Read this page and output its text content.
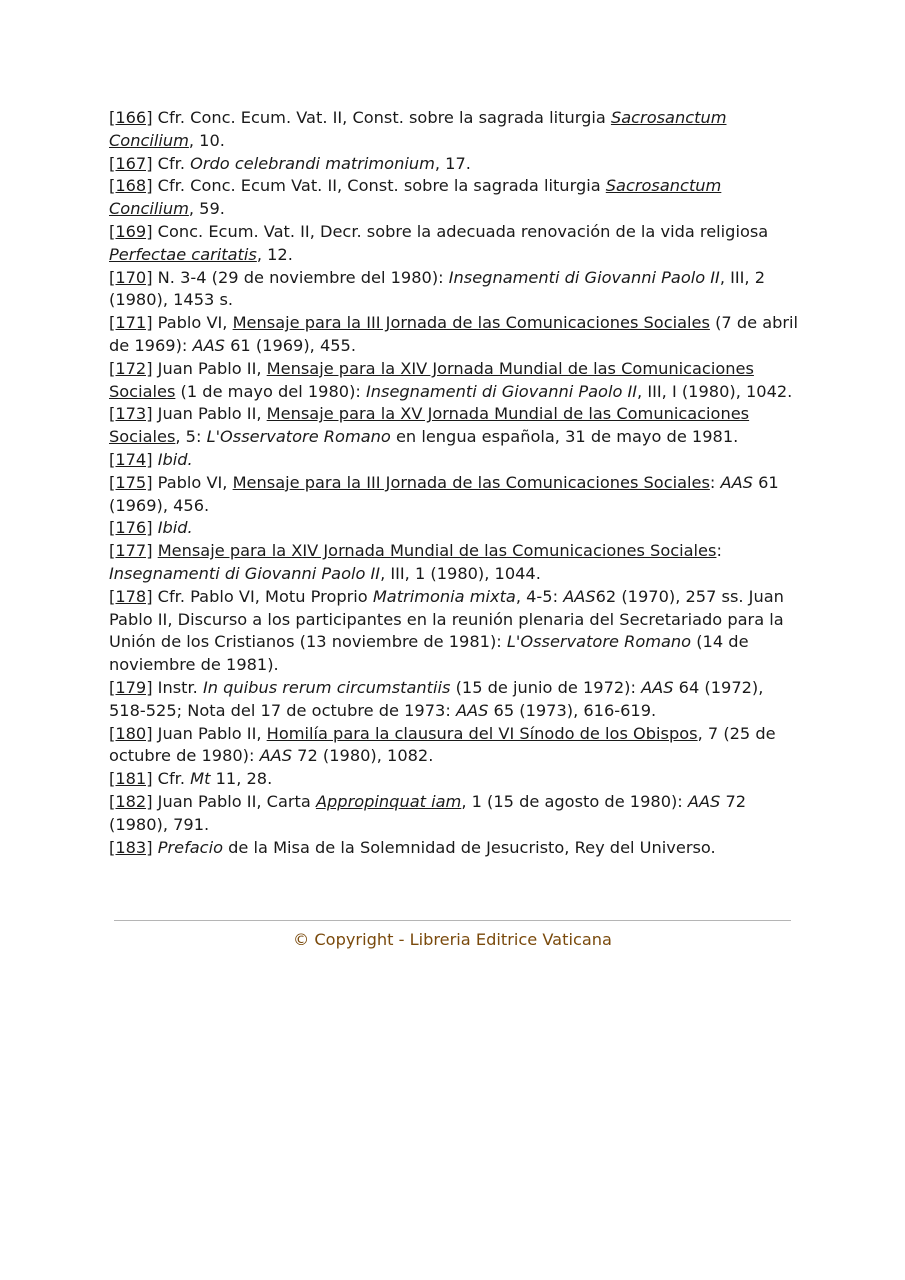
[166] Cfr. Conc. Ecum. Vat. II, Const. sobre la sagrada liturgia Sacrosanctum Concilium, 10.

[167] Cfr. Ordo celebrandi matrimonium, 17.

[168] Cfr. Conc. Ecum Vat. II, Const. sobre la sagrada liturgia Sacrosanctum Concilium, 59.

[169] Conc. Ecum. Vat. II, Decr. sobre la adecuada renovación de la vida religiosa Perfectae caritatis, 12.

[170] N. 3-4 (29 de noviembre del 1980): Insegnamenti di Giovanni Paolo II, III, 2 (1980), 1453 s.

[171] Pablo VI, Mensaje para la III Jornada de las Comunicaciones Sociales (7 de abril de 1969): AAS 61 (1969), 455.

[172] Juan Pablo II, Mensaje para la XIV Jornada Mundial de las Comunicaciones Sociales (1 de mayo del 1980): Insegnamenti di Giovanni Paolo II, III, I (1980), 1042.

[173] Juan Pablo II, Mensaje para la XV Jornada Mundial de las Comunicaciones Sociales, 5: L'Osservatore Romano en lengua española, 31 de mayo de 1981.

[174] Ibid.

[175] Pablo VI, Mensaje para la III Jornada de las Comunicaciones Sociales: AAS 61 (1969), 456.

[176] Ibid.

[177] Mensaje para la XIV Jornada Mundial de las Comunicaciones Sociales: Insegnamenti di Giovanni Paolo II, III, 1 (1980), 1044.

[178] Cfr. Pablo VI, Motu Proprio Matrimonia mixta, 4-5: AAS62 (1970), 257 ss. Juan Pablo II, Discurso a los participantes en la reunión plenaria del Secretariado para la Unión de los Cristianos (13 noviembre de 1981): L'Osservatore Romano (14 de noviembre de 1981).

[179] Instr. In quibus rerum circumstantiis (15 de junio de 1972): AAS 64 (1972), 518-525; Nota del 17 de octubre de 1973: AAS 65 (1973), 616-619.

[180] Juan Pablo II, Homilía para la clausura del VI Sínodo de los Obispos, 7 (25 de octubre de 1980): AAS 72 (1980), 1082.

[181] Cfr. Mt 11, 28.

[182] Juan Pablo II, Carta Appropinquat iam, 1 (15 de agosto de 1980): AAS 72 (1980), 791.

[183] Prefacio de la Misa de la Solemnidad de Jesucristo, Rey del Universo.

© Copyright - Libreria Editrice Vaticana
